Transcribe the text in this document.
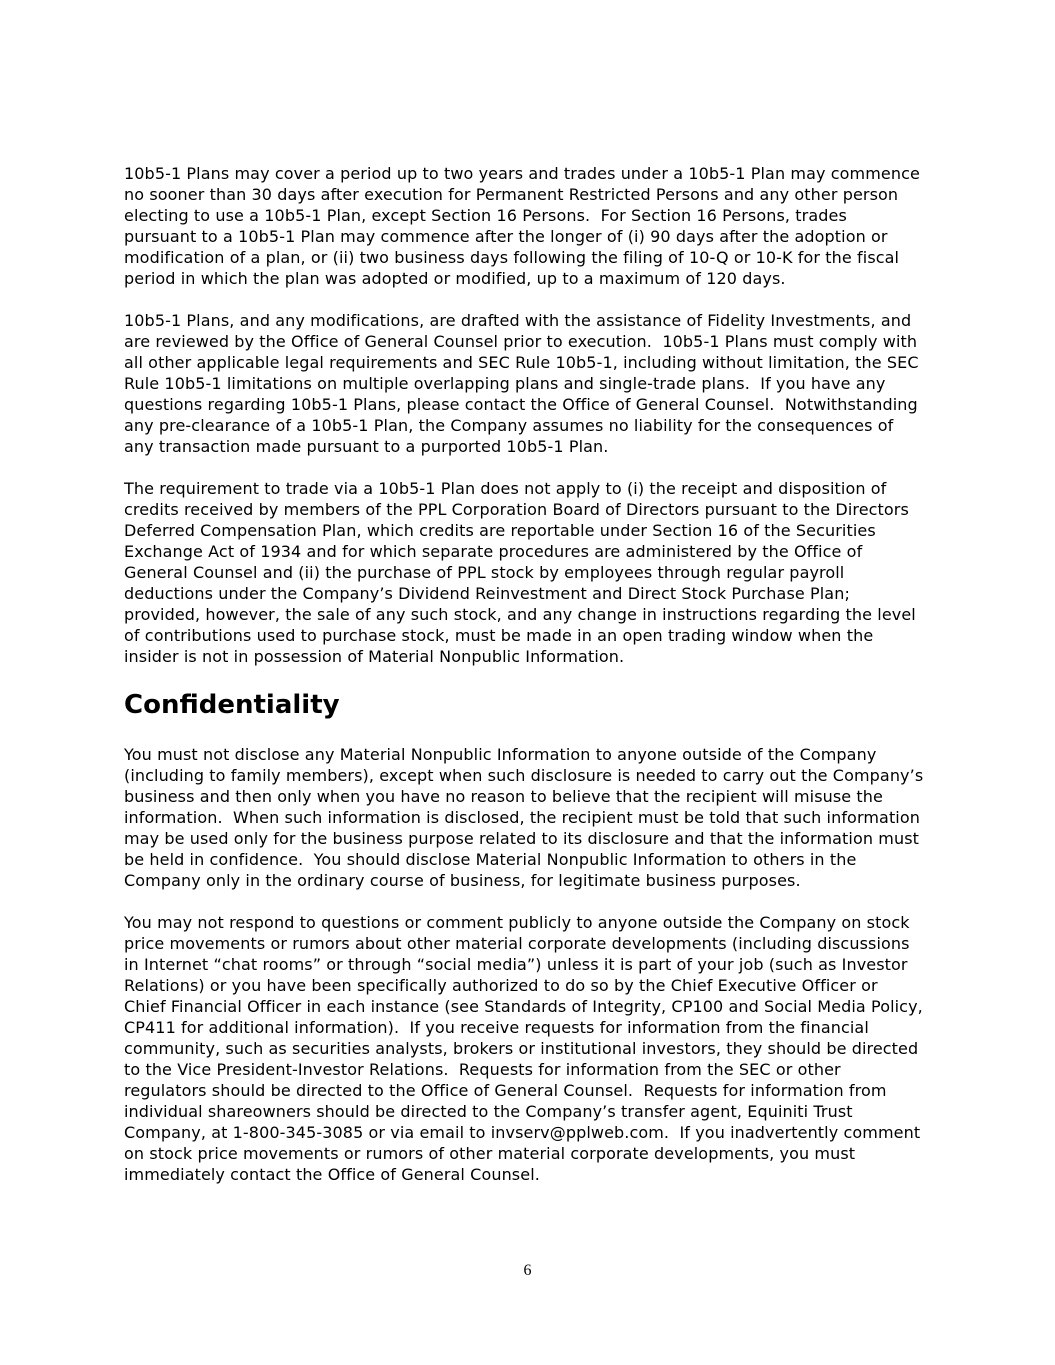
10b5-1 Plans may cover a period up to two years and trades under a 10b5-1 Plan may commence no sooner than 30 days after execution for Permanent Restricted Persons and any other person electing to use a 10b5-1 Plan, except Section 16 Persons.  For Section 16 Persons, trades pursuant to a 10b5-1 Plan may commence after the longer of (i) 90 days after the adoption or modification of a plan, or (ii) two business days following the filing of 10-Q or 10-K for the fiscal period in which the plan was adopted or modified, up to a maximum of 120 days.

10b5-1 Plans, and any modifications, are drafted with the assistance of Fidelity Investments, and are reviewed by the Office of General Counsel prior to execution.  10b5-1 Plans must comply with all other applicable legal requirements and SEC Rule 10b5-1, including without limitation, the SEC Rule 10b5-1 limitations on multiple overlapping plans and single-trade plans.  If you have any questions regarding 10b5-1 Plans, please contact the Office of General Counsel.  Notwithstanding any pre-clearance of a 10b5-1 Plan, the Company assumes no liability for the consequences of any transaction made pursuant to a purported 10b5-1 Plan.

The requirement to trade via a 10b5-1 Plan does not apply to (i) the receipt and disposition of credits received by members of the PPL Corporation Board of Directors pursuant to the Directors Deferred Compensation Plan, which credits are reportable under Section 16 of the Securities Exchange Act of 1934 and for which separate procedures are administered by the Office of General Counsel and (ii) the purchase of PPL stock by employees through regular payroll deductions under the Company’s Dividend Reinvestment and Direct Stock Purchase Plan; provided, however, the sale of any such stock, and any change in instructions regarding the level of contributions used to purchase stock, must be made in an open trading window when the insider is not in possession of Material Nonpublic Information.

Confidentiality

You must not disclose any Material Nonpublic Information to anyone outside of the Company (including to family members), except when such disclosure is needed to carry out the Company’s business and then only when you have no reason to believe that the recipient will misuse the information.  When such information is disclosed, the recipient must be told that such information may be used only for the business purpose related to its disclosure and that the information must be held in confidence.  You should disclose Material Nonpublic Information to others in the Company only in the ordinary course of business, for legitimate business purposes.

You may not respond to questions or comment publicly to anyone outside the Company on stock price movements or rumors about other material corporate developments (including discussions in Internet “chat rooms” or through “social media”) unless it is part of your job (such as Investor Relations) or you have been specifically authorized to do so by the Chief Executive Officer or Chief Financial Officer in each instance (see Standards of Integrity, CP100 and Social Media Policy, CP411 for additional information).  If you receive requests for information from the financial community, such as securities analysts, brokers or institutional investors, they should be directed to the Vice President-Investor Relations.  Requests for information from the SEC or other regulators should be directed to the Office of General Counsel.  Requests for information from individual shareowners should be directed to the Company’s transfer agent, Equiniti Trust Company, at 1-800-345-3085 or via email to invserv@pplweb.com.  If you inadvertently comment on stock price movements or rumors of other material corporate developments, you must immediately contact the Office of General Counsel.

6
